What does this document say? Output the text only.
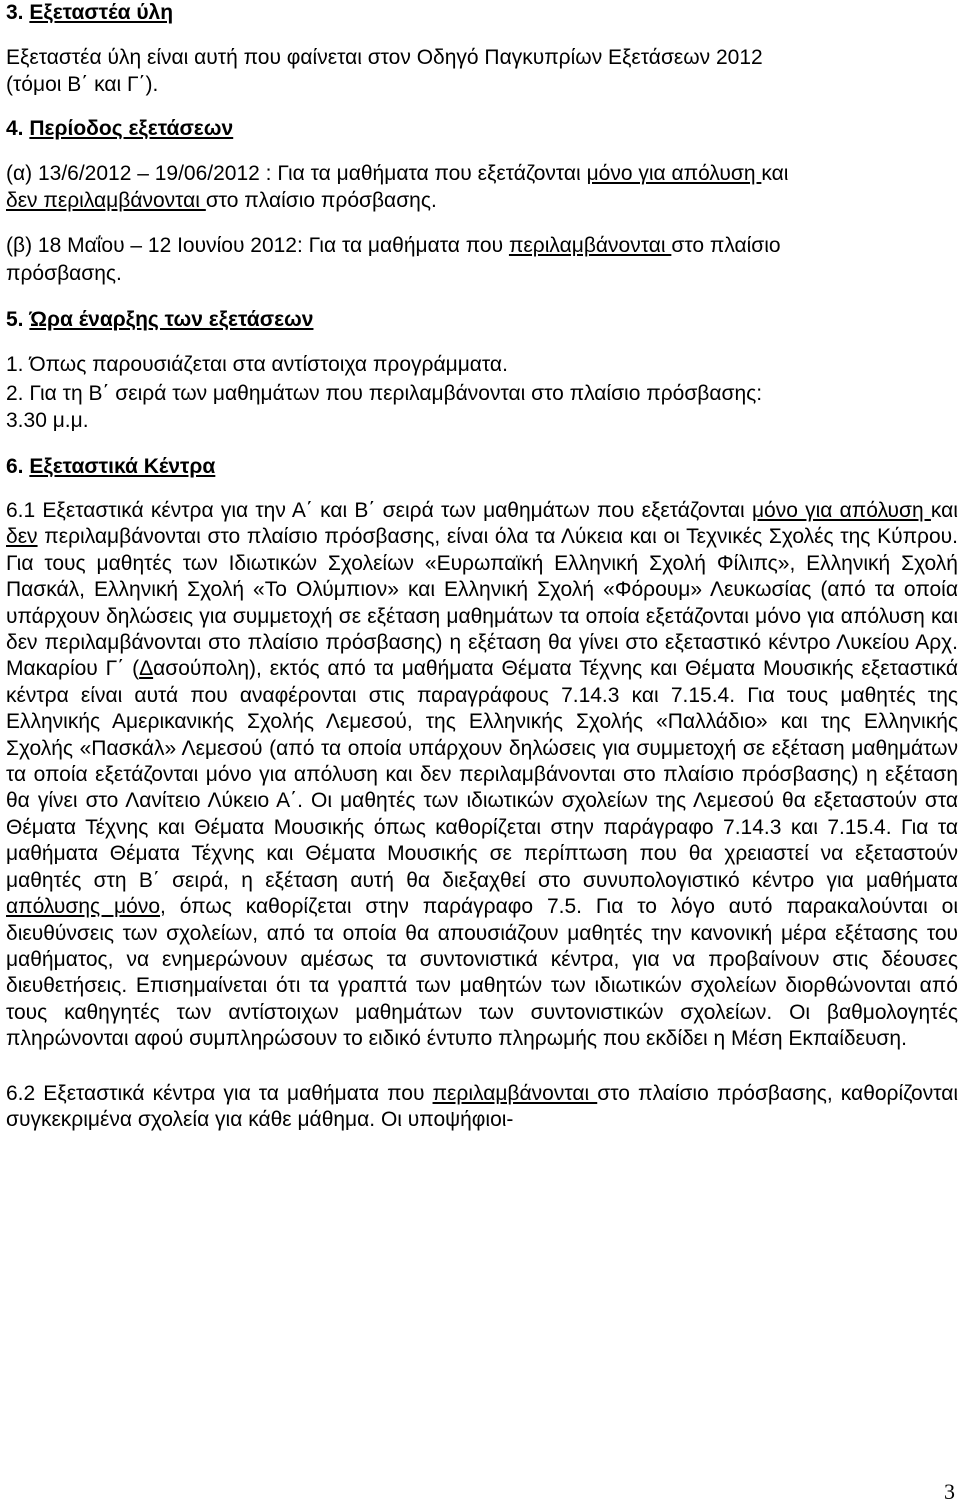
3. Εξεταστέα ύλη

Εξεταστέα ύλη είναι αυτή που φαίνεται στον Οδηγό Παγκυπρίων Εξετάσεων 2012

(τόμοι Β΄ και Γ΄).

4. Περίοδος εξετάσεων

(α) 13/6/2012 – 19/06/2012 : Για τα μαθήματα που εξετάζονται μόνο για απόλυση και

δεν περιλαμβάνονται στο πλαίσιο πρόσβασης.

(β) 18 Μαΐου – 12 Ιουνίου 2012: Για τα μαθήματα που περιλαμβάνονται στο πλαίσιο

πρόσβασης.

5. Ώρα έναρξης των εξετάσεων

1. Όπως παρουσιάζεται στα αντίστοιχα προγράμματα.

2. Για τη Β΄ σειρά των μαθημάτων που περιλαμβάνονται στο πλαίσιο πρόσβασης:

3.30 μ.μ.

6. Εξεταστικά Κέντρα

6.1 Εξεταστικά κέντρα για την Α΄ και Β΄ σειρά των μαθημάτων που εξετάζονται μόνο για απόλυση και δεν περιλαμβάνονται στο πλαίσιο πρόσβασης, είναι όλα τα Λύκεια και οι Τεχνικές Σχολές της Κύπρου. Για τους μαθητές των Ιδιωτικών Σχολείων «Ευρωπαϊκή Ελληνική Σχολή Φίλιπς», Ελληνική Σχολή Πασκάλ, Ελληνική Σχολή «Το Ολύμπιον» και Ελληνική Σχολή «Φόρουμ» Λευκωσίας (από τα οποία υπάρχουν δηλώσεις για συμμετοχή σε εξέταση μαθημάτων τα οποία εξετάζονται μόνο για απόλυση και δεν περιλαμβάνονται στο πλαίσιο πρόσβασης) η εξέταση θα γίνει στο εξεταστικό κέντρο Λυκείου Αρχ. Μακαρίου Γ΄ (Δασούπολη), εκτός από τα μαθήματα Θέματα Τέχνης και Θέματα Μουσικής εξεταστικά κέντρα είναι αυτά που αναφέρονται στις παραγράφους 7.14.3 και 7.15.4. Για τους μαθητές της Ελληνικής Αμερικανικής Σχολής Λεμεσού, της Ελληνικής Σχολής «Παλλάδιο» και της Ελληνικής Σχολής «Πασκάλ» Λεμεσού (από τα οποία υπάρχουν δηλώσεις για συμμετοχή σε εξέταση μαθημάτων τα οποία εξετάζονται μόνο για απόλυση και δεν περιλαμβάνονται στο πλαίσιο πρόσβασης) η εξέταση θα γίνει στο Λανίτειο Λύκειο Α΄. Οι μαθητές των ιδιωτικών σχολείων της Λεμεσού θα εξεταστούν στα Θέματα Τέχνης και Θέματα Μουσικής όπως καθορίζεται στην παράγραφο 7.14.3 και 7.15.4. Για τα μαθήματα Θέματα Τέχνης και Θέματα Μουσικής σε περίπτωση που θα χρειαστεί να εξεταστούν μαθητές στη Β΄ σειρά, η εξέταση αυτή θα διεξαχθεί στο συνυπολογιστικό κέντρο για μαθήματα απόλυσης μόνο, όπως καθορίζεται στην παράγραφο 7.5. Για το λόγο αυτό παρακαλούνται οι διευθύνσεις των σχολείων, από τα οποία θα απουσιάζουν μαθητές την κανονική μέρα εξέτασης του μαθήματος, να ενημερώνουν αμέσως τα συντονιστικά κέντρα, για να προβαίνουν στις δέουσες διευθετήσεις. Επισημαίνεται ότι τα γραπτά των μαθητών των ιδιωτικών σχολείων διορθώνονται από τους καθηγητές των αντίστοιχων μαθημάτων των συντονιστικών σχολείων. Οι βαθμολογητές πληρώνονται αφού συμπληρώσουν το ειδικό έντυπο πληρωμής που εκδίδει η Μέση Εκπαίδευση.

6.2 Εξεταστικά κέντρα για τα μαθήματα που περιλαμβάνονται στο πλαίσιο πρόσβασης, καθορίζονται συγκεκριμένα σχολεία για κάθε μάθημα. Οι υποψήφιοι-

3
